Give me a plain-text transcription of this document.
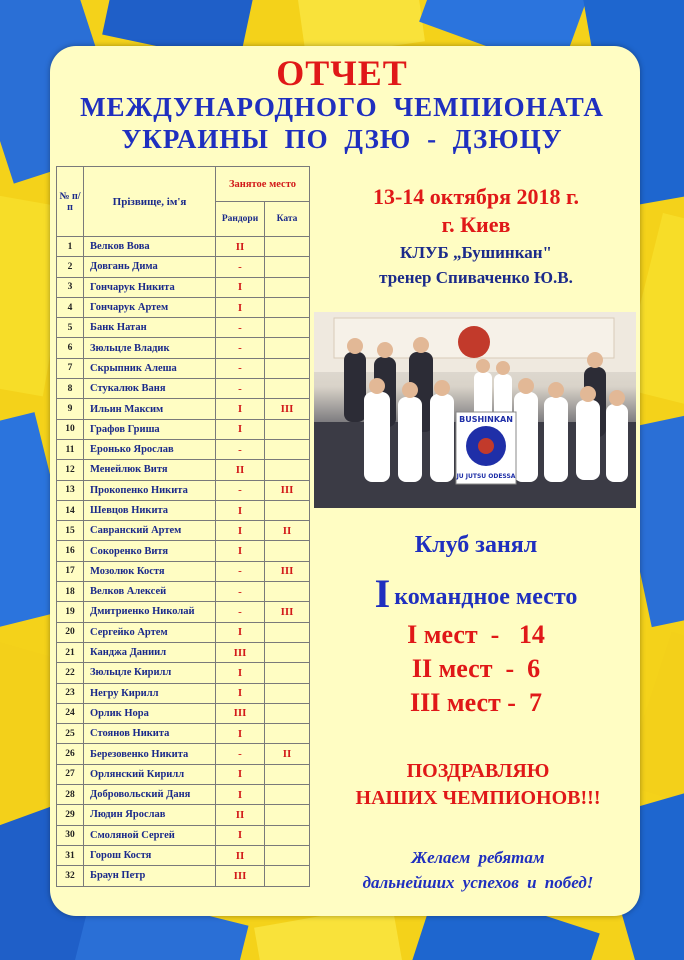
ОТЧЕТ
МЕЖДУНАРОДНОГО ЧЕМПИОНАТА
УКРАИНЫ ПО ДЗЮ - ДЗЮЦУ
№ п/п	Прізвище, ім'я	Занятое место	
		Рандори	Ката
1	Велков Вова	II	
2	Довгань Дима	-	
3	Гончарук Никита	I	
4	Гончарук Артем	I	
5	Банк Натан	-	
6	Зюльцле Владик	-	
7	Скрыпник Алеша	-	
8	Стукалюк Ваня	-	
9	Ильин Максим	I	III
10	Графов Гриша	I	
11	Еронько Ярослав	-	
12	Менейлюк Витя	II	
13	Прокопенко Никита	-	III
14	Шевцов Никита	I	
15	Савранский Артем	I	II
16	Сокоренко Витя	I	
17	Мозолюк Костя	-	III
18	Велков Алексей	-	
19	Дмитриенко Николай	-	III
20	Сергейко Артем	I	
21	Канджа Даниил	III	
22	Зюльцле Кирилл	I	
23	Негру Кирилл	I	
24	Орлик Нора	III	
25	Стоянов Никита	I	
26	Березовенко Никита	-	II
27	Орлянский Кирилл	I	
28	Добровольский Даня	I	
29	Людин Ярослав	II	
30	Смоляной Сергей	I	
31	Горош Костя	II	
32	Браун Петр	III	
13-14 октября 2018 г.
г. Киев
КЛУБ „Бушинкан"
тренер Спиваченко Ю.В.
BUSHINKAN
JU JUTSU ODESSA
Клуб занял
Iкомандное место
I мест  -   14
II мест  -  6
III мест -  7
ПОЗДРАВЛЯЮ
НАШИХ ЧЕМПИОНОВ!!!
Желаем ребятам
дальнейших успехов и побед!
